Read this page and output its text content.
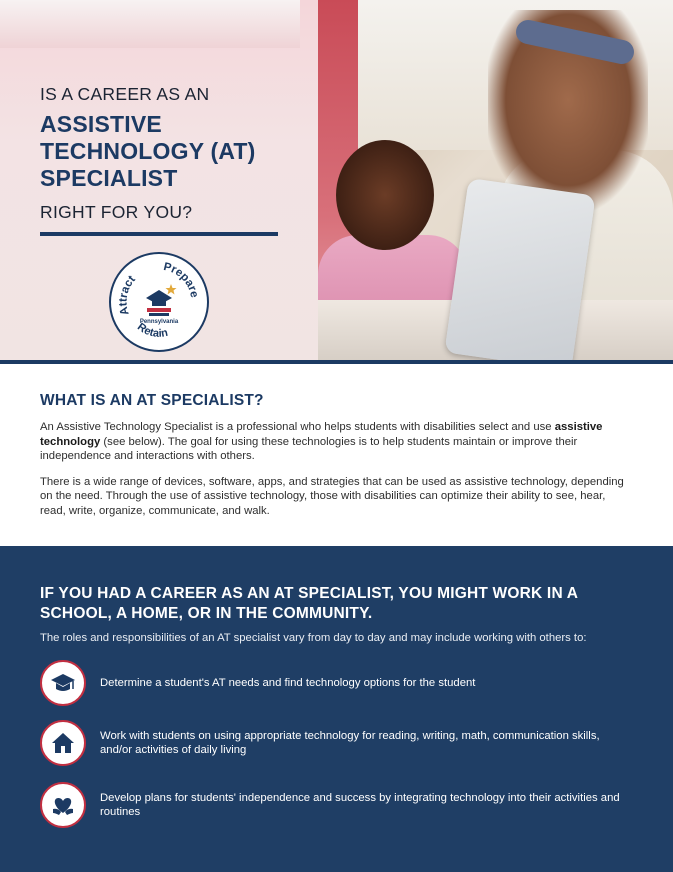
IS A CAREER AS AN

ASSISTIVE
TECHNOLOGY (AT)
SPECIALIST

RIGHT FOR YOU?

Attract
Prepare
Retain
Pennsylvania
WHAT IS AN AT SPECIALIST?

An Assistive Technology Specialist is a professional who helps students with disabilities select and use assistive technology (see below). The goal for using these technologies is to help students maintain or improve their independence and interactions with others.

There is a wide range of devices, software, apps, and strategies that can be used as assistive technology, depending on the need. Through the use of assistive technology, those with disabilities can optimize their ability to see, hear, read, write, organize, communicate, and walk.

IF YOU HAD A CAREER AS AN AT SPECIALIST, YOU MIGHT WORK IN A SCHOOL, A HOME, OR IN THE COMMUNITY.

The roles and responsibilities of an AT specialist vary from day to day and may include working with others to:

Determine a student's AT needs and find technology options for the student
Work with students on using appropriate technology for reading, writing, math, communication skills, and/or activities of daily living
Develop plans for students' independence and success by integrating technology into their activities and routines
